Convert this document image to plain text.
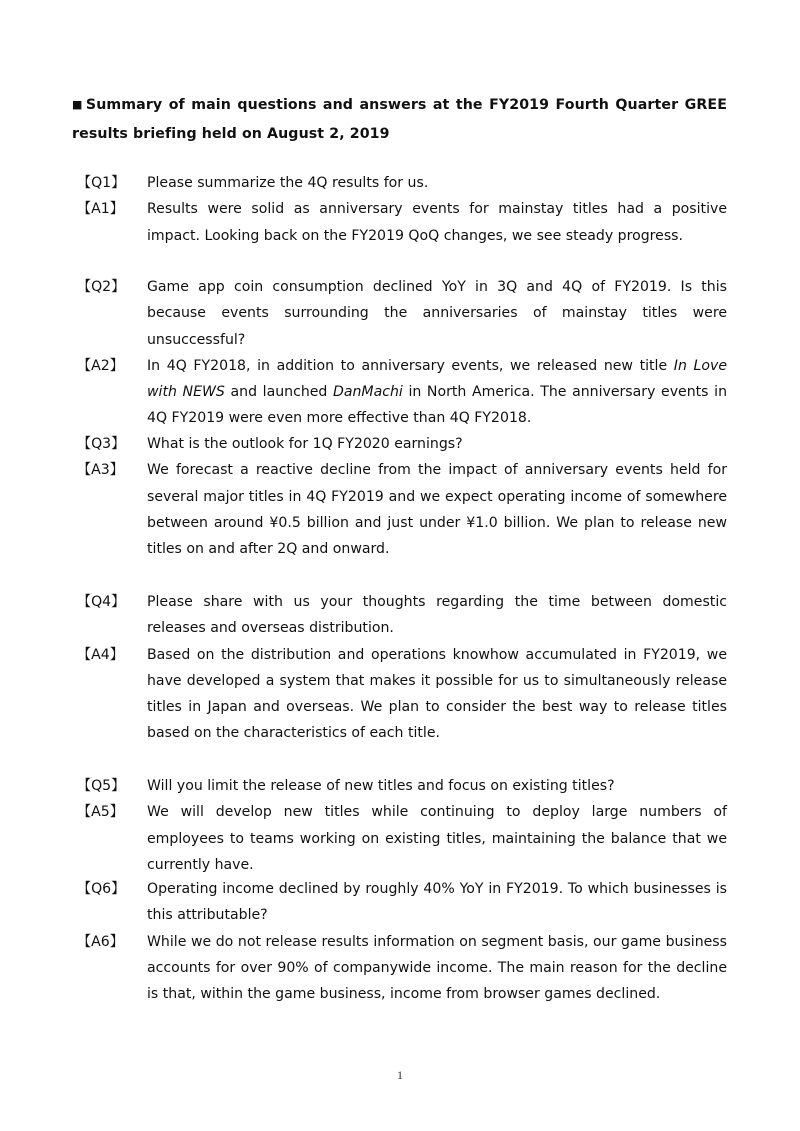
■ Summary of main questions and answers at the FY2019 Fourth Quarter GREE results briefing held on August 2, 2019
【Q1】	Please summarize the 4Q results for us.
【A1】	Results were solid as anniversary events for mainstay titles had a positive impact. Looking back on the FY2019 QoQ changes, we see steady progress.
【Q2】	Game app coin consumption declined YoY in 3Q and 4Q of FY2019. Is this because events surrounding the anniversaries of mainstay titles were unsuccessful?
【A2】	In 4Q FY2018, in addition to anniversary events, we released new title In Love with NEWS and launched DanMachi in North America. The anniversary events in 4Q FY2019 were even more effective than 4Q FY2018.
【Q3】	What is the outlook for 1Q FY2020 earnings?
【A3】	We forecast a reactive decline from the impact of anniversary events held for several major titles in 4Q FY2019 and we expect operating income of somewhere between around ¥0.5 billion and just under ¥1.0 billion. We plan to release new titles on and after 2Q and onward.
【Q4】	Please share with us your thoughts regarding the time between domestic releases and overseas distribution.
【A4】	Based on the distribution and operations knowhow accumulated in FY2019, we have developed a system that makes it possible for us to simultaneously release titles in Japan and overseas. We plan to consider the best way to release titles based on the characteristics of each title.
【Q5】	Will you limit the release of new titles and focus on existing titles?
【A5】	We will develop new titles while continuing to deploy large numbers of employees to teams working on existing titles, maintaining the balance that we currently have.
【Q6】	Operating income declined by roughly 40% YoY in FY2019. To which businesses is this attributable?
【A6】	While we do not release results information on segment basis, our game business accounts for over 90% of companywide income. The main reason for the decline is that, within the game business, income from browser games declined.
1
